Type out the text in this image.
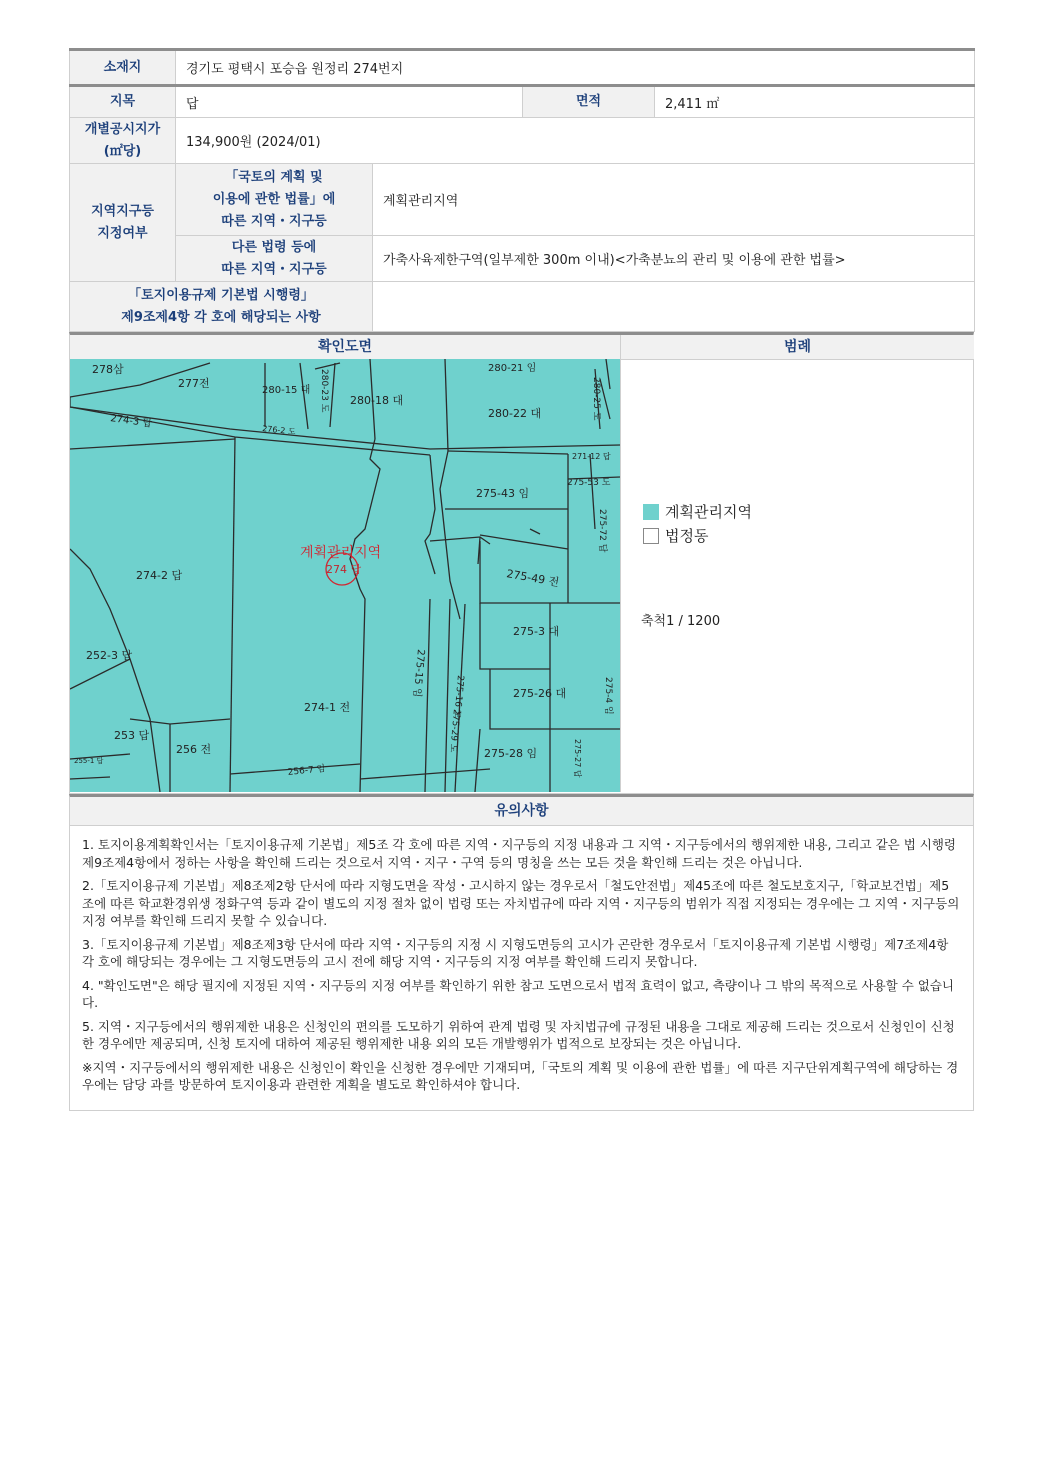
소재지	경기도 평택시 포승읍 원정리 274번지			
지목	답		면적	2,411 ㎡
개별공시지가
(㎡당)	134,900원 (2024/01)			
지역지구등
지정여부	「국토의 계획 및
이용에 관한 법률」에
따른 지역・지구등	계획관리지역		
	다른 법령 등에
따른 지역・지구등	가축사육제한구역(일부제한 300m 이내)<가축분뇨의 관리 및 이용에 관한 법률>		
「토지이용규제 기본법 시행령」
제9조제4항 각 호에 해당되는 사항				
확인도면
278삼
277전
280-15 대 280-23 도 280-18 대
280-21 임
280-25 도
280-22 대
274-3 답
276-2 도
271-12 답
275-53 도
275-43 임
275-72 답
274-2 답	274 답	275-49 전
252-3 답
275-3 대
275-15 임	275-16 도	275-26 대	275-4 임
274-1 전
275-29 도
253 답
256 전
255-1 답
256-7 임
275-28 임	275-27 답
계획관리지역
범례
계획관리지역
법정동
축척1 / 1200
유의사항

1. 토지이용계획확인서는「토지이용규제 기본법」제5조 각 호에 따른 지역・지구등의 지정 내용과 그 지역・지구등에서의 행위제한 내용, 그리고 같은 법 시행령 제9조제4항에서 정하는 사항을 확인해 드리는 것으로서 지역・지구・구역 등의 명칭을 쓰는 모든 것을 확인해 드리는 것은 아닙니다.

2.「토지이용규제 기본법」제8조제2항 단서에 따라 지형도면을 작성・고시하지 않는 경우로서「철도안전법」제45조에 따른 철도보호지구,「학교보건법」제5조에 따른 학교환경위생 정화구역 등과 같이 별도의 지정 절차 없이 법령 또는 자치법규에 따라 지역・지구등의 범위가 직접 지정되는 경우에는 그 지역・지구등의 지정 여부를 확인해 드리지 못할 수 있습니다.

3.「토지이용규제 기본법」제8조제3항 단서에 따라 지역・지구등의 지정 시 지형도면등의 고시가 곤란한 경우로서「토지이용규제 기본법 시행령」제7조제4항 각 호에 해당되는 경우에는 그 지형도면등의 고시 전에 해당 지역・지구등의 지정 여부를 확인해 드리지 못합니다.

4. "확인도면"은 해당 필지에 지정된 지역・지구등의 지정 여부를 확인하기 위한 참고 도면으로서 법적 효력이 없고, 측량이나 그 밖의 목적으로 사용할 수 없습니다.

5. 지역・지구등에서의 행위제한 내용은 신청인의 편의를 도모하기 위하여 관계 법령 및 자치법규에 규정된 내용을 그대로 제공해 드리는 것으로서 신청인이 신청한 경우에만 제공되며, 신청 토지에 대하여 제공된 행위제한 내용 외의 모든 개발행위가 법적으로 보장되는 것은 아닙니다.

※지역・지구등에서의 행위제한 내용은 신청인이 확인을 신청한 경우에만 기재되며,「국토의 계획 및 이용에 관한 법률」에 따른 지구단위계획구역에 해당하는 경우에는 담당 과를 방문하여 토지이용과 관련한 계획을 별도로 확인하셔야 합니다.
